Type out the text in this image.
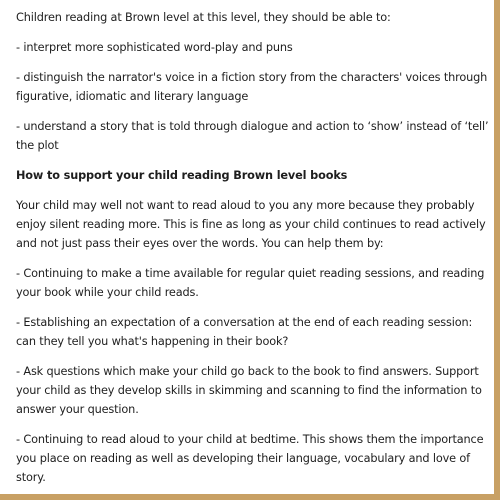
Children reading at Brown level at this level, they should be able to:

- interpret more sophisticated word-play and puns

- distinguish the narrator's voice in a fiction story from the characters' voices through figurative, idiomatic and literary language

- understand a story that is told through dialogue and action to ‘show’ instead of ‘tell’ the plot

How to support your child reading Brown level books

Your child may well not want to read aloud to you any more because they probably enjoy silent reading more. This is fine as long as your child continues to read actively and not just pass their eyes over the words. You can help them by:

- Continuing to make a time available for regular quiet reading sessions, and reading your book while your child reads.

- Establishing an expectation of a conversation at the end of each reading session: can they tell you what's happening in their book?

- Ask questions which make your child go back to the book to find answers. Support your child as they develop skills in skimming and scanning to find the information to answer your question.

- Continuing to read aloud to your child at bedtime. This shows them the importance you place on reading as well as developing their language, vocabulary and love of story.
